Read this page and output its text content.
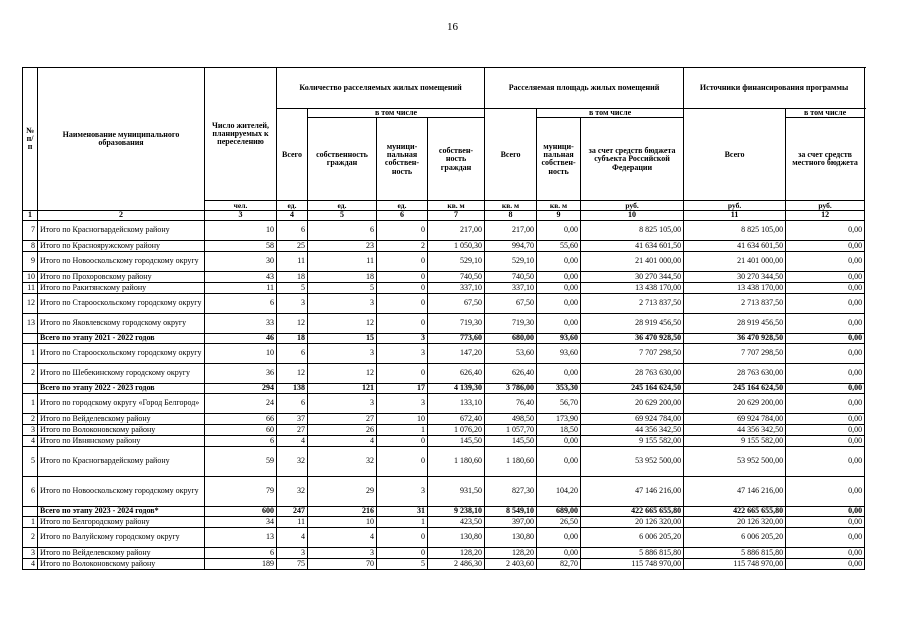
16
№ п/п	Наименование муниципального образования	Число жителей, планируемых к переселению	Количество расселяемых жилых помещений				Расселяемая площадь жилых помещений			Источники финансирования программы	
			Всего	в том числе			Всего	в том числе		Всего	в том числе
				собственность граждан	муници-пальная собствен-ность	собствен-ность граждан		муници-пальная собствен-ность	за счет средств бюджета субъекта Российской Федерации		за счет средств местного бюджета
		чел.	ед.	ед.	ед.	кв. м	кв. м	кв. м	руб.	руб.	руб.
1	2	3	4	5	6	7	8	9	10	11	12
7	Итого по Красногвардейскому району	10	6	6	0	217,00	217,00	0,00	8 825 105,00	8 825 105,00	0,00
8	Итого по Краснояружскому району	58	25	23	2	1 050,30	994,70	55,60	41 634 601,50	41 634 601,50	0,00
9	Итого по Новооскольскому городскому округу	30	11	11	0	529,10	529,10	0,00	21 401 000,00	21 401 000,00	0,00
10	Итого по Прохоровскому району	43	18	18	0	740,50	740,50	0,00	30 270 344,50	30 270 344,50	0,00
11	Итого по Ракитянскому району	11	5	5	0	337,10	337,10	0,00	13 438 170,00	13 438 170,00	0,00
12	Итого по Старооскольскому городскому округу	6	3	3	0	67,50	67,50	0,00	2 713 837,50	2 713 837,50	0,00
13	Итого по Яковлевскому городскому округу	33	12	12	0	719,30	719,30	0,00	28 919 456,50	28 919 456,50	0,00
	Всего по этапу 2021 - 2022 годов	46	18	15	3	773,60	680,00	93,60	36 470 928,50	36 470 928,50	0,00
1	Итого по Старооскольскому городскому округу	10	6	3	3	147,20	53,60	93,60	7 707 298,50	7 707 298,50	0,00
2	Итого по Шебекинскому городскому округу	36	12	12	0	626,40	626,40	0,00	28 763 630,00	28 763 630,00	0,00
	Всего по этапу 2022 - 2023 годов	294	138	121	17	4 139,30	3 786,00	353,30	245 164 624,50	245 164 624,50	0,00
1	Итого по городскому округу «Город Белгород»	24	6	3	3	133,10	76,40	56,70	20 629 200,00	20 629 200,00	0,00
2	Итого по Вейделевскому району	66	37	27	10	672,40	498,50	173,90	69 924 784,00	69 924 784,00	0,00
3	Итого по Волоконовскому району	60	27	26	1	1 076,20	1 057,70	18,50	44 356 342,50	44 356 342,50	0,00
4	Итого по Ивнянскому району	6	4	4	0	145,50	145,50	0,00	9 155 582,00	9 155 582,00	0,00
5	Итого по Красногвардейскому району	59	32	32	0	1 180,60	1 180,60	0,00	53 952 500,00	53 952 500,00	0,00
6	Итого по Новооскольскому городскому округу	79	32	29	3	931,50	827,30	104,20	47 146 216,00	47 146 216,00	0,00
	Всего по этапу 2023 - 2024 годов*	600	247	216	31	9 238,10	8 549,10	689,00	422 665 655,80	422 665 655,80	0,00
1	Итого по Белгородскому району	34	11	10	1	423,50	397,00	26,50	20 126 320,00	20 126 320,00	0,00
2	Итого по Валуйскому городскому округу	13	4	4	0	130,80	130,80	0,00	6 006 205,20	6 006 205,20	0,00
3	Итого по Вейделевскому району	6	3	3	0	128,20	128,20	0,00	5 886 815,80	5 886 815,80	0,00
4	Итого по Волоконовскому району	189	75	70	5	2 486,30	2 403,60	82,70	115 748 970,00	115 748 970,00	0,00
